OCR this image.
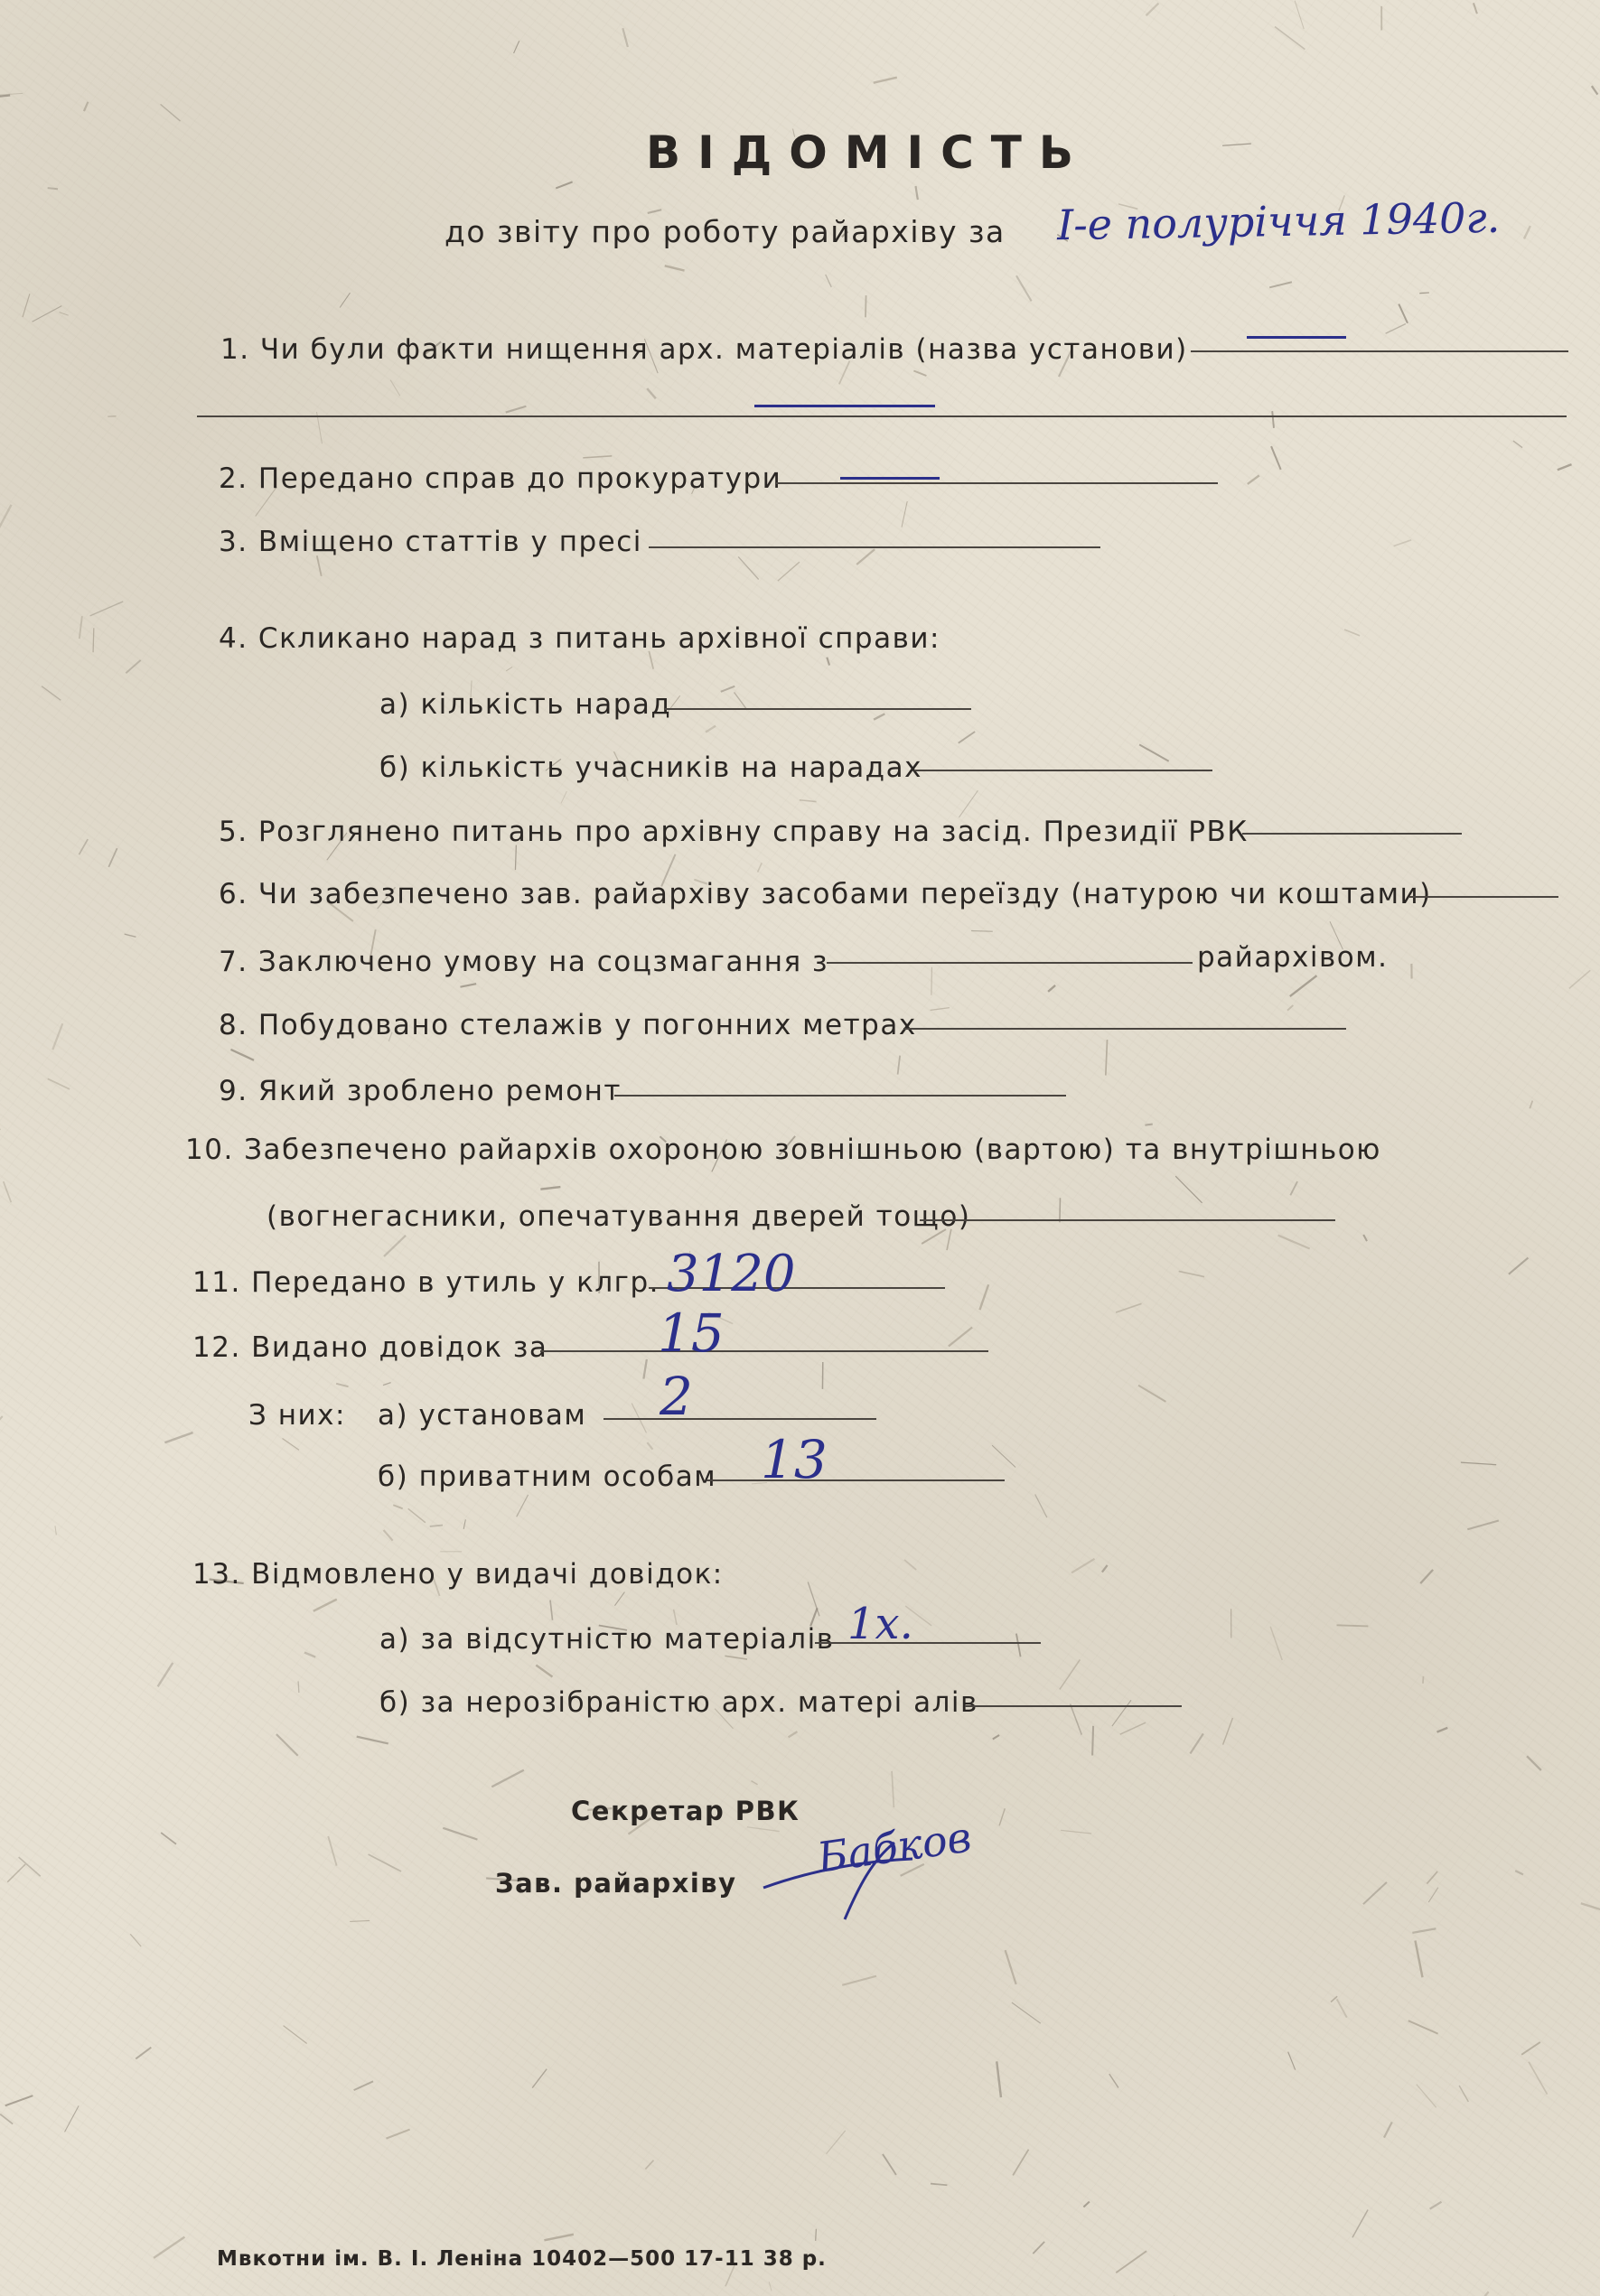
ВІДОМІСТЬ
до звіту про роботу райархіву за І-е полуріччя 1940г.
1. Чи були факти нищення арх. матеріалів (назва установи)
2. Передано справ до прокуратури
3. Вміщено статтів у пресі
4. Скликано нарад з питань архівної справи:
а) кількість нарад
б) кількість учасників на нарадах
5. Розглянено питань про архівну справу на засід. Президії РВК
6. Чи забезпечено зав. райархіву засобами переїзду (натурою чи коштами)
7. Заключено умову на соцзмагання з	райархівом.
8. Побудовано стелажів у погонних метрах
9. Який зроблено ремонт
10. Забезпечено райархів охороною зовнішньою (вартою) та внутрішньою
(вогнегасники, опечатування дверей тощо)
11. Передано в утиль у клгр. 3120
12. Видано довідок за 15
З них: а) установам 2
б) приватним особам 13
13. Відмовлено у видачі довідок:
а) за відсутністю матеріалів 1х.
б) за нерозібраністю арх. матері алів
Секретар РВК
Зав. райархіву
Бабков
Мвкотни ім. В. І. Леніна 10402—500 17-11 38 р.
